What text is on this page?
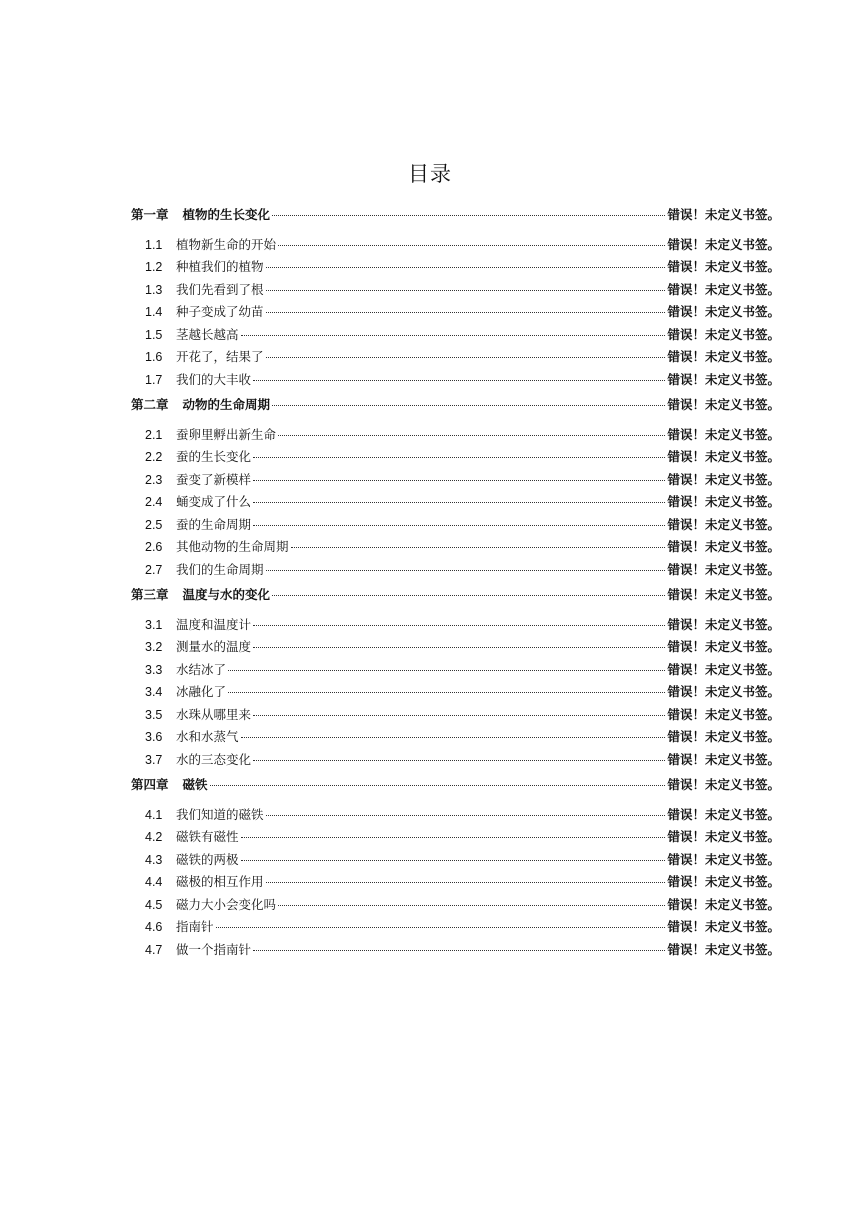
目录
第一章 植物的生长变化	错误！未定义书签。
1.1	植物新生命的开始	错误！未定义书签。
1.2	种植我们的植物	错误！未定义书签。
1.3	我们先看到了根	错误！未定义书签。
1.4	种子变成了幼苗	错误！未定义书签。
1.5	茎越长越高	错误！未定义书签。
1.6	开花了，结果了	错误！未定义书签。
1.7	我们的大丰收	错误！未定义书签。
第二章 动物的生命周期	错误！未定义书签。
2.1	蚕卵里孵出新生命	错误！未定义书签。
2.2	蚕的生长变化	错误！未定义书签。
2.3	蚕变了新模样	错误！未定义书签。
2.4	蛹变成了什么	错误！未定义书签。
2.5	蚕的生命周期	错误！未定义书签。
2.6	其他动物的生命周期	错误！未定义书签。
2.7	我们的生命周期	错误！未定义书签。
第三章 温度与水的变化	错误！未定义书签。
3.1	温度和温度计	错误！未定义书签。
3.2	测量水的温度	错误！未定义书签。
3.3	水结冰了	错误！未定义书签。
3.4	冰融化了	错误！未定义书签。
3.5	水珠从哪里来	错误！未定义书签。
3.6	水和水蒸气	错误！未定义书签。
3.7	水的三态变化	错误！未定义书签。
第四章 磁铁	错误！未定义书签。
4.1	我们知道的磁铁	错误！未定义书签。
4.2	磁铁有磁性	错误！未定义书签。
4.3	磁铁的两极	错误！未定义书签。
4.4	磁极的相互作用	错误！未定义书签。
4.5	磁力大小会变化吗	错误！未定义书签。
4.6	指南针	错误！未定义书签。
4.7	做一个指南针	错误！未定义书签。
